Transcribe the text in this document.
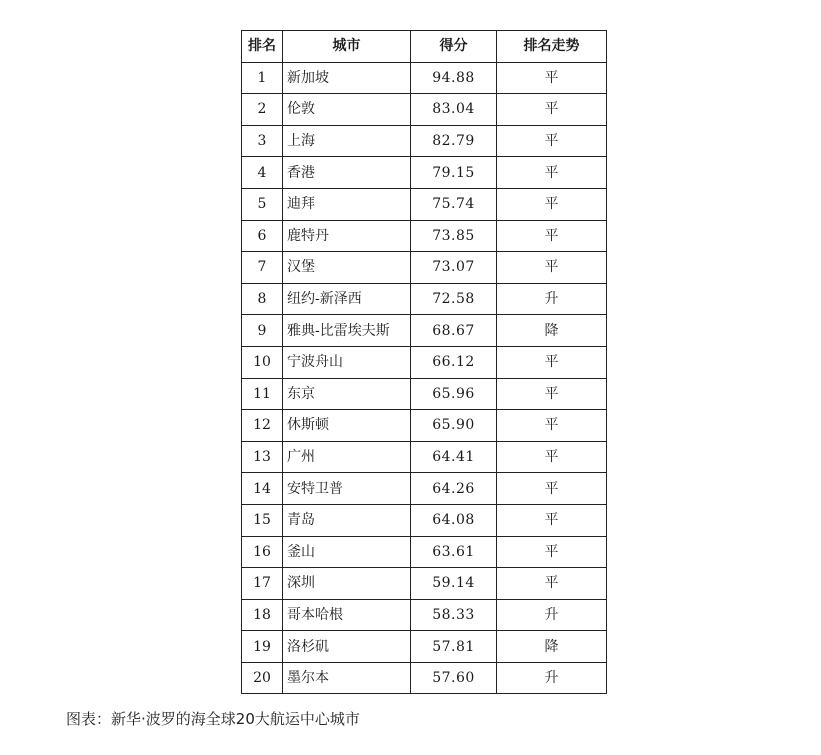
排名	城市	得分	排名走势
1	新加坡	94.88	平
2	伦敦	83.04	平
3	上海	82.79	平
4	香港	79.15	平
5	迪拜	75.74	平
6	鹿特丹	73.85	平
7	汉堡	73.07	平
8	纽约-新泽西	72.58	升
9	雅典-比雷埃夫斯	68.67	降
10	宁波舟山	66.12	平
11	东京	65.96	平
12	休斯顿	65.90	平
13	广州	64.41	平
14	安特卫普	64.26	平
15	青岛	64.08	平
16	釜山	63.61	平
17	深圳	59.14	平
18	哥本哈根	58.33	升
19	洛杉矶	57.81	降
20	墨尔本	57.60	升
图表：新华·波罗的海全球20大航运中心城市
